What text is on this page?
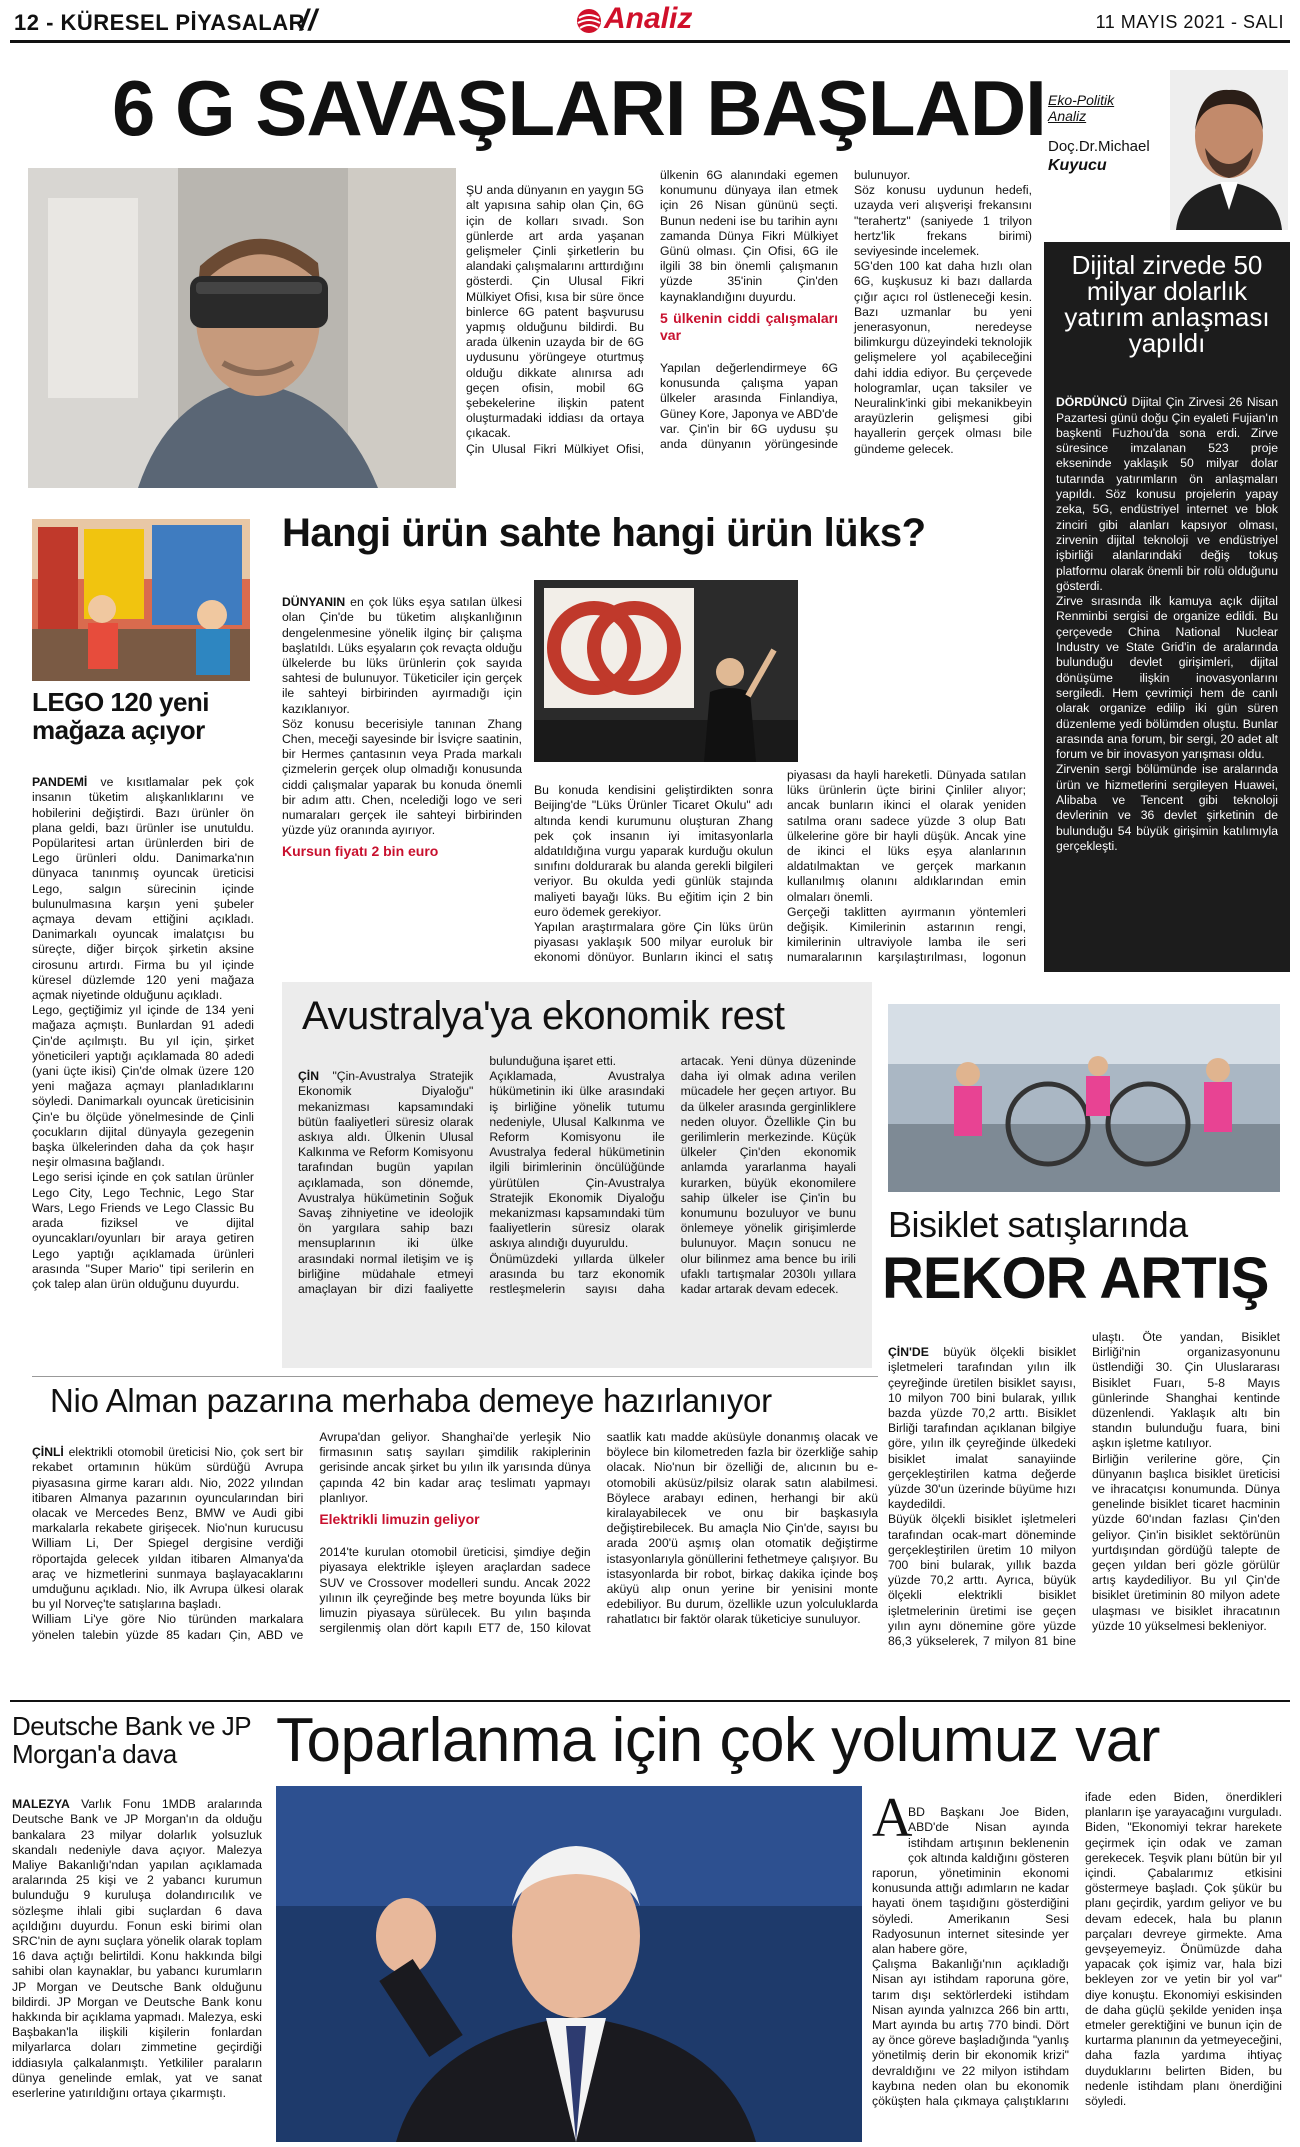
12 - KÜRESEL PİYASALAR
//	Analiz	11 MAYIS 2021 - SALI
6 G SAVAŞLARI BAŞLADI

ŞU anda dünyanın en yaygın 5G alt yapısına sahip olan Çin, 6G için de kolları sıvadı. Son günlerde art arda yaşanan gelişmeler Çinli şirketlerin bu alandaki çalışmalarını arttırdığını gösterdi. Çin Ulusal Fikri Mülkiyet Ofisi, kısa bir süre önce binlerce 6G patent başvurusu yapmış olduğunu bildirdi. Bu arada ülkenin uzayda bir de 6G uydusunu yörüngeye oturtmuş olduğu dikkate alınırsa adı geçen ofisin, mobil 6G şebekelerine ilişkin patent oluşturmadaki iddiası da ortaya çıkacak.
Çin Ulusal Fikri Mülkiyet Ofisi, ülkenin 6G alanındaki egemen konumunu dünyaya ilan etmek için 26 Nisan gününü seçti. Bunun nedeni ise bu tarihin aynı zamanda Dünya Fikri Mülkiyet Günü olması. Çin Ofisi, 6G ile ilgili 38 bin önemli çalışmanın yüzde 35'inin Çin'den kaynaklandığını duyurdu.

5 ülkenin ciddi çalışmaları var

Yapılan değerlendirmeye 6G konusunda çalışma yapan ülkeler arasında Finlandiya, Güney Kore, Japonya ve ABD'de var. Çin'in bir 6G uydusu şu anda dünyanın yörüngesinde bulunuyor.
Söz konusu uydunun hedefi, uzayda veri alışverişi frekansını "terahertz" (saniyede 1 trilyon hertz'lik frekans birimi) seviyesinde incelemek.
5G'den 100 kat daha hızlı olan 6G, kuşkusuz ki bazı dallarda çığır açıcı rol üstleneceği kesin. Bazı uzmanlar bu yeni jenerasyonun, neredeyse bilimkurgu düzeyindeki teknolojik gelişmelere yol açabileceğini dahi iddia ediyor. Bu çerçevede hologramlar, uçan taksiler ve Neuralink'inki gibi mekanikbeyin arayüzlerin gelişmesi gibi hayallerin gerçek olması bile gündeme gelecek.

Eko-Politik Analiz
Doç.Dr.Michael
Kuyucu
Dijital zirvede 50 milyar dolarlık yatırım anlaşması yapıldı

DÖRDÜNCÜ Dijital Çin Zirvesi 26 Nisan Pazartesi günü doğu Çin eyaleti Fujian'ın başkenti Fuzhou'da sona erdi. Zirve süresince imzalanan 523 proje ekseninde yaklaşık 50 milyar dolar tutarında yatırımların ön anlaşmaları yapıldı. Söz konusu projelerin yapay zeka, 5G, endüstriyel internet ve blok zinciri gibi alanları kapsıyor olması, zirvenin dijital teknoloji ve endüstriyel işbirliği alanlarındaki değiş tokuş platformu olarak önemli bir rolü olduğunu gösterdi.
Zirve sırasında ilk kamuya açık dijital Renminbi sergisi de organize edildi. Bu çerçevede China National Nuclear Industry ve State Grid'in de aralarında bulunduğu devlet girişimleri, dijital dönüşüme ilişkin inovasyonlarını sergiledi. Hem çevrimiçi hem de canlı olarak organize edilip iki gün süren düzenleme yedi bölümden oluştu. Bunlar arasında ana forum, bir sergi, 20 adet alt forum ve bir inovasyon yarışması oldu.
Zirvenin sergi bölümünde ise aralarında ürün ve hizmetlerini sergileyen Huawei, Alibaba ve Tencent gibi teknoloji devlerinin ve 36 devlet şirketinin de bulunduğu 54 büyük girişimin katılımıyla gerçekleşti.

LEGO 120 yeni mağaza açıyor

PANDEMİ ve kısıtlamalar pek çok insanın tüketim alışkanlıklarını ve hobilerini değiştirdi. Bazı ürünler ön plana geldi, bazı ürünler ise unutuldu. Popülaritesi artan ürünlerden biri de Lego ürünleri oldu. Danimarka'nın dünyaca tanınmış oyuncak üreticisi Lego, salgın sürecinin içinde bulunulmasına karşın yeni şubeler açmaya devam ettiğini açıkladı. Danimarkalı oyuncak imalatçısı bu süreçte, diğer birçok şirketin aksine cirosunu artırdı. Firma bu yıl içinde küresel düzlemde 120 yeni mağaza açmak niyetinde olduğunu açıkladı.
Lego, geçtiğimiz yıl içinde de 134 yeni mağaza açmıştı. Bunlardan 91 adedi Çin'de açılmıştı. Bu yıl için, şirket yöneticileri yaptığı açıklamada 80 adedi (yani üçte ikisi) Çin'de olmak üzere 120 yeni mağaza açmayı planladıklarını söyledi. Danimarkalı oyuncak üreticisinin Çin'e bu ölçüde yönelmesinde de Çinli çocukların dijital dünyayla gezegenin başka ülkelerinden daha da çok haşır neşir olmasına bağlandı.
Lego serisi içinde en çok satılan ürünler Lego City, Lego Technic, Lego Star Wars, Lego Friends ve Lego Classic Bu arada fiziksel ve dijital oyuncakları/oyunları bir araya getiren Lego yaptığı açıklamada ürünleri arasında "Super Mario" tipi serilerin en çok talep alan ürün olduğunu duyurdu.

Hangi ürün sahte hangi ürün lüks?

DÜNYANIN en çok lüks eşya satılan ülkesi olan Çin'de bu tüketim alışkanlığının dengelenmesine yönelik ilginç bir çalışma başlatıldı. Lüks eşyaların çok revaçta olduğu ülkelerde bu lüks ürünlerin çok sayıda sahtesi de bulunuyor. Tüketiciler için gerçek ile sahteyi birbirinden ayırmadığı için kazıklanıyor.
Söz konusu becerisiyle tanınan Zhang Chen, meceği sayesinde bir İsviçre saatinin, bir Hermes çantasının veya Prada markalı çizmelerin gerçek olup olmadığı konusunda ciddi çalışmalar yaparak bu konuda önemli bir adım attı. Chen, ncelediği logo ve seri numaraları gerçek ile sahteyi birbirinden yüzde yüz oranında ayırıyor.

Kursun fiyatı 2 bin euro

Bu konuda kendisini geliştirdikten sonra Beijing'de "Lüks Ürünler Ticaret Okulu" adı altında kendi kurumunu oluşturan Zhang pek çok insanın iyi imitasyonlarla aldatıldığına vurgu yaparak kurduğu okulun sınıfını doldurarak bu alanda gerekli bilgileri veriyor. Bu okulda yedi günlük stajında maliyeti bayağı lüks. Bu eğitim için 2 bin euro ödemek gerekiyor.
Yapılan araştırmalara göre Çin lüks ürün piyasası yaklaşık 500 milyar euroluk bir ekonomi dönüyor. Bunların ikinci el satış piyasası da hayli hareketli. Dünyada satılan lüks ürünlerin üçte birini Çinliler alıyor; ancak bunların ikinci el olarak yeniden satılma oranı sadece yüzde 3 olup Batı ülkelerine göre bir hayli düşük. Ancak yine de ikinci el lüks eşya alanlarının aldatılmaktan ve gerçek markanın kullanılmış olanını aldıklarından emin olmaları önemli.
Gerçeği taklitten ayırmanın yöntemleri değişik. Kimilerinin astarının rengi, kimilerinin ultraviyole lamba ile seri numaralarının karşılaştırılması, logonun

Avustralya'ya ekonomik rest

ÇİN "Çin-Avustralya Stratejik Ekonomik Diyaloğu" mekanizması kapsamındaki bütün faaliyetleri süresiz olarak askıya aldı. Ülkenin Ulusal Kalkınma ve Reform Komisyonu tarafından bugün yapılan açıklamada, son dönemde, Avustralya hükümetinin Soğuk Savaş zihniyetine ve ideolojik ön yargılara sahip bazı mensuplarının iki ülke arasındaki normal iletişim ve iş birliğine müdahale etmeyi amaçlayan bir dizi faaliyette bulunduğuna işaret etti.
Açıklamada, Avustralya hükümetinin iki ülke arasındaki iş birliğine yönelik tutumu nedeniyle, Ulusal Kalkınma ve Reform Komisyonu ile Avustralya federal hükümetinin ilgili birimlerinin öncülüğünde yürütülen Çin-Avustralya Stratejik Ekonomik Diyaloğu mekanizması kapsamındaki tüm faaliyetlerin süresiz olarak askıya alındığı duyuruldu.
Önümüzdeki yıllarda ülkeler arasında bu tarz ekonomik restleşmelerin sayısı daha artacak. Yeni dünya düzeninde daha iyi olmak adına verilen mücadele her geçen artıyor. Bu da ülkeler arasında gerginliklere neden oluyor. Özellikle Çin bu gerilimlerin merkezinde. Küçük ülkeler Çin'den ekonomik anlamda yararlanma hayali kurarken, büyük ekonomilere sahip ülkeler ise Çin'in bu konumunu bozuluyor ve bunu önlemeye yönelik girişimlerde bulunuyor. Maçın sonucu ne olur bilinmez ama bence bu irili ufaklı tartışmalar 2030lı yıllara kadar artarak devam edecek.

Bisiklet satışlarında
REKOR ARTIŞ

ÇİN'DE büyük ölçekli bisiklet işletmeleri tarafından yılın ilk çeyreğinde üretilen bisiklet sayısı, 10 milyon 700 bini bularak, yıllık bazda yüzde 70,2 arttı. Bisiklet Birliği tarafından açıklanan bilgiye göre, yılın ilk çeyreğinde ülkedeki bisiklet imalat sanayiinde gerçekleştirilen katma değerde yüzde 30'un üzerinde büyüme hızı kaydedildi.
Büyük ölçekli bisiklet işletmeleri tarafından ocak-mart döneminde gerçekleştirilen üretim 10 milyon 700 bini bularak, yıllık bazda yüzde 70,2 arttı. Ayrıca, büyük ölçekli elektrikli bisiklet işletmelerinin üretimi ise geçen yılın aynı dönemine göre yüzde 86,3 yükselerek, 7 milyon 81 bine ulaştı. Öte yandan, Bisiklet Birliği'nin organizasyonunu üstlendiği 30. Çin Uluslararası Bisiklet Fuarı, 5-8 Mayıs günlerinde Shanghai kentinde düzenlendi. Yaklaşık altı bin standın bulunduğu fuara, bini aşkın işletme katılıyor.
Birliğin verilerine göre, Çin dünyanın başlıca bisiklet üreticisi ve ihracatçısı konumunda. Dünya genelinde bisiklet ticaret hacminin yüzde 60'ından fazlası Çin'den geliyor. Çin'in bisiklet sektörünün yurtdışından gördüğü talepte de geçen yıldan beri gözle görülür artış kaydediliyor. Bu yıl Çin'de bisiklet üretiminin 80 milyon adete ulaşması ve bisiklet ihracatının yüzde 10 yükselmesi bekleniyor.

Nio Alman pazarına merhaba demeye hazırlanıyor

ÇİNLİ elektrikli otomobil üreticisi Nio, çok sert bir rekabet ortamının hüküm sürdüğü Avrupa piyasasına girme kararı aldı. Nio, 2022 yılından itibaren Almanya pazarının oyuncularından biri olacak ve Mercedes Benz, BMW ve Audi gibi markalarla rekabete girişecek. Nio'nun kurucusu William Li, Der Spiegel dergisine verdiği röportajda gelecek yıldan itibaren Almanya'da araç ve hizmetlerini sunmaya başlayacaklarını umduğunu açıkladı. Nio, ilk Avrupa ülkesi olarak bu yıl Norveç'te satışlarına başladı.
William Li'ye göre Nio türünden markalara yönelen talebin yüzde 85 kadarı Çin, ABD ve Avrupa'dan geliyor. Shanghai'de yerleşik Nio firmasının satış sayıları şimdilik rakiplerinin gerisinde ancak şirket bu yılın ilk yarısında dünya çapında 42 bin kadar araç teslimatı yapmayı planlıyor.

Elektrikli limuzin geliyor

2014'te kurulan otomobil üreticisi, şimdiye değin piyasaya elektrikle işleyen araçlardan sadece SUV ve Crossover modelleri sundu. Ancak 2022 yılının ilk çeyreğinde beş metre boyunda lüks bir limuzin piyasaya sürülecek. Bu yılın başında sergilenmiş olan dört kapılı ET7 de, 150 kilovat saatlik katı madde aküsüyle donanmış olacak ve böylece bin kilometreden fazla bir özerkliğe sahip olacak. Nio'nun bir özelliği de, alıcının bu e-otomobili aküsüz/pilsiz olarak satın alabilmesi. Böylece arabayı edinen, herhangi bir akü kiralayabilecek ve onu bir başkasıyla değiştirebilecek. Bu amaçla Nio Çin'de, sayısı bu arada 200'ü aşmış olan otomatik değiştirme istasyonlarıyla gönüllerini fethetmeye çalışıyor. Bu istasyonlarda bir robot, birkaç dakika içinde boş aküyü alıp onun yerine bir yenisini monte edebiliyor. Bu durum, özellikle uzun yolculuklarda rahatlatıcı bir faktör olarak tüketiciye sunuluyor.

Deutsche Bank ve JP Morgan'a dava

MALEZYA Varlık Fonu 1MDB aralarında Deutsche Bank ve JP Morgan'ın da olduğu bankalara 23 milyar dolarlık yolsuzluk skandalı nedeniyle dava açıyor. Malezya Maliye Bakanlığı'ndan yapılan açıklamada aralarında 25 kişi ve 2 yabancı kurumun bulunduğu 9 kuruluşa dolandırıcılık ve sözleşme ihlali gibi suçlardan 6 dava açıldığını duyurdu. Fonun eski birimi olan SRC'nin de aynı suçlara yönelik olarak toplam 16 dava açtığı belirtildi. Konu hakkında bilgi sahibi olan kaynaklar, bu yabancı kurumların JP Morgan ve Deutsche Bank olduğunu bildirdi. JP Morgan ve Deutsche Bank konu hakkında bir açıklama yapmadı. Malezya, eski Başbakan'la ilişkili kişilerin fonlardan milyarlarca doları zimmetine geçirdiği iddiasıyla çalkalanmıştı. Yetkililer paraların dünya genelinde emlak, yat ve sanat eserlerine yatırıldığını ortaya çıkarmıştı.

Toparlanma için çok yolumuz var
A

BD Başkanı Joe Biden, ABD'de Nisan ayında istihdam artışının beklenenin çok altında kaldığını gösteren raporun, yönetiminin ekonomi konusunda attığı adımların ne kadar hayati önem taşıdığını gösterdiğini söyledi. Amerikanın Sesi Radyosunun internet sitesinde yer alan habere göre,
Çalışma Bakanlığı'nın açıkladığı Nisan ayı istihdam raporuna göre, tarım dışı sektörlerdeki istihdam Nisan ayında yalnızca 266 bin arttı, Mart ayında bu artış 770 bindi. Dört ay önce göreve başladığında "yanlış yönetilmiş derin bir ekonomik krizi" devraldığını ve 22 milyon istihdam kaybına neden olan bu ekonomik çöküşten hala çıkmaya çalıştıklarını ifade eden Biden, önerdikleri planların işe yarayacağını vurguladı. Biden, "Ekonomiyi tekrar harekete geçirmek için odak ve zaman gerekecek. Teşvik planı bütün bir yıl içindi. Çabalarımız etkisini göstermeye başladı. Çok şükür bu planı geçirdik, yardım geliyor ve bu devam edecek, hala bu planın parçaları devreye girmekte. Ama gevşeyemeyiz. Önümüzde daha yapacak çok işimiz var, hala bizi bekleyen zor ve yetin bir yol var" diye konuştu. Ekonomiyi eskisinden de daha güçlü şekilde yeniden inşa etmeler gerektiğini ve bunun için de kurtarma planının da yetmeyeceğini, daha fazla yardıma ihtiyaç duyduklarını belirten Biden, bu nedenle istihdam planı önerdiğini söyledi.
